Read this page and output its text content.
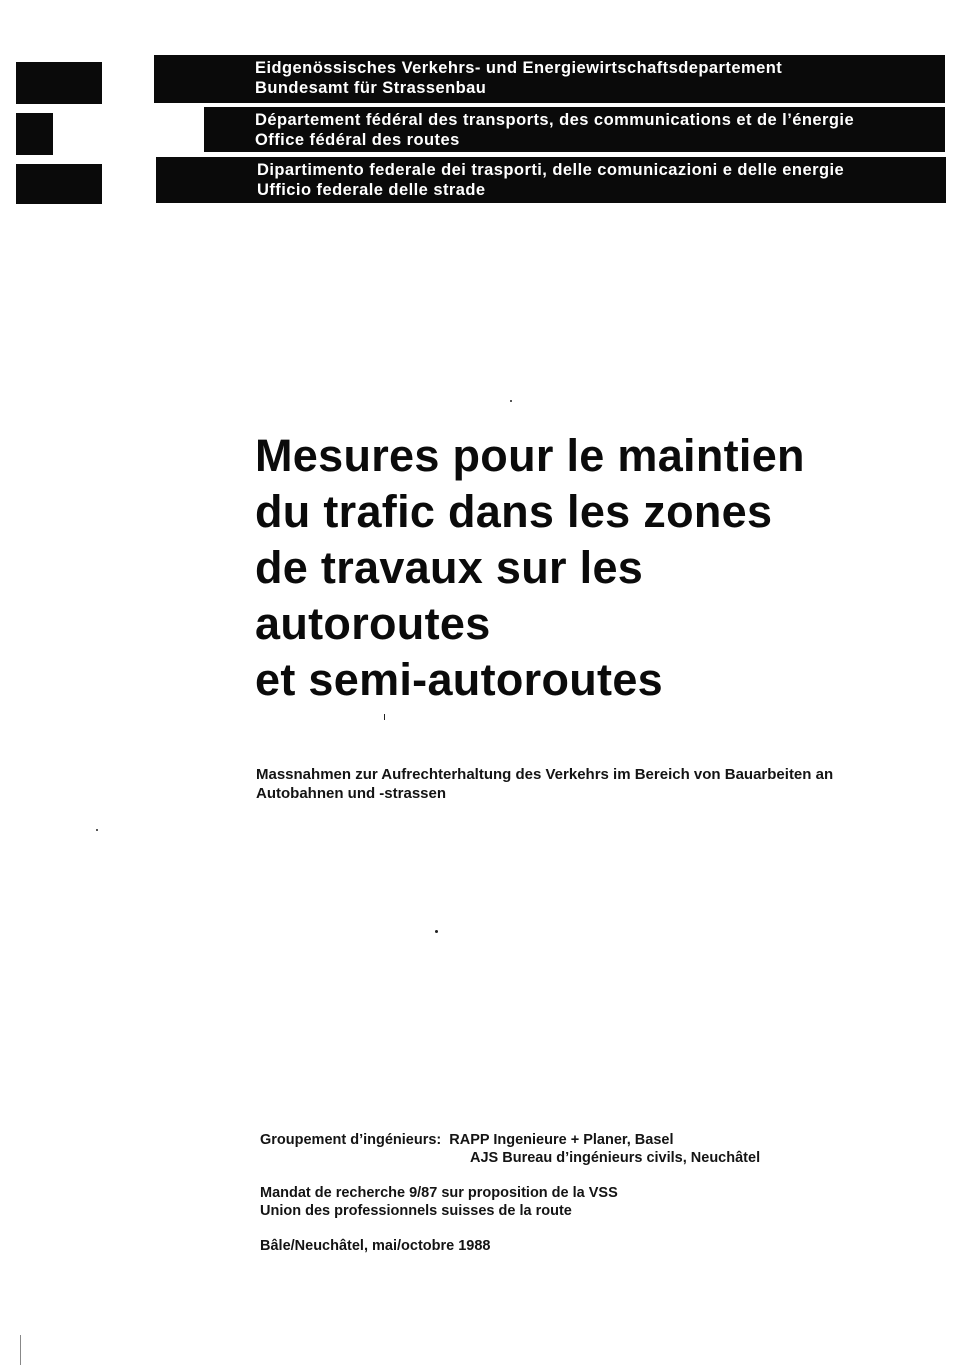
Eidgenössisches Verkehrs- und Energiewirtschaftsdepartement
Bundesamt für Strassenbau
Département fédéral des transports, des communications et de l’énergie
Office fédéral des routes
Dipartimento federale dei trasporti, delle comunicazioni e delle energie
Ufficio federale delle strade
Mesures pour le maintien
du trafic dans les zones
de travaux sur les
autoroutes
et semi-autoroutes
Massnahmen zur Aufrechterhaltung des Verkehrs im Bereich von Bauarbeiten an
Autobahnen und -strassen
Groupement d’ingénieurs: RAPP Ingenieure + Planer, Basel
AJS Bureau d’ingénieurs civils, Neuchâtel
Mandat de recherche 9/87 sur proposition de la VSS
Union des professionnels suisses de la route
Bâle/Neuchâtel, mai/octobre 1988
